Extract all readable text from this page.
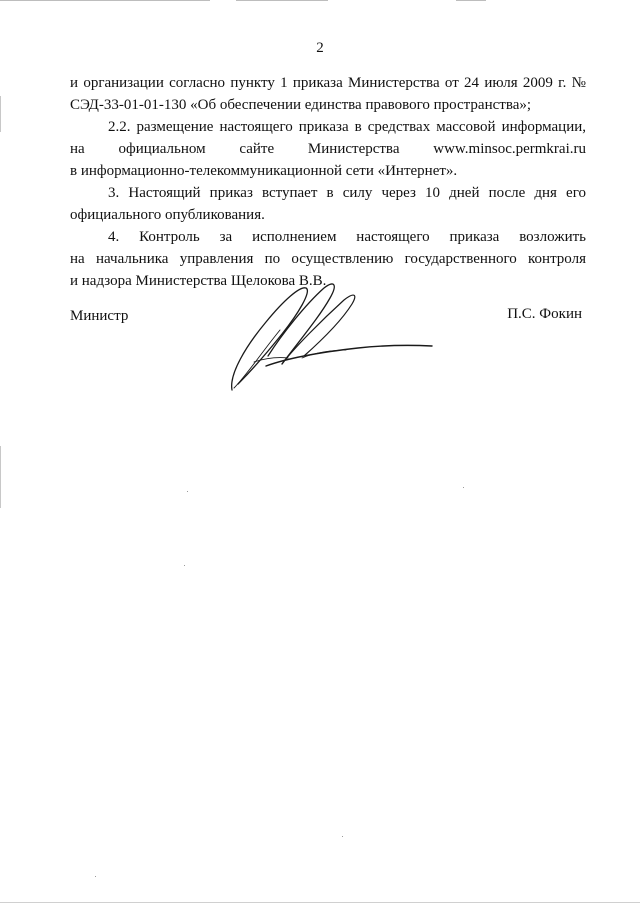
2

и организации согласно пункту 1 приказа Министерства от 24 июля 2009 г. №
СЭД-33-01-01-130 «Об обеспечении единства правового пространства»;

2.2. размещение настоящего приказа в средствах массовой информации,

на официальном сайте Министерства www.minsoc.permkrai.ru
в информационно-телекоммуникационной сети «Интернет».

3. Настоящий приказ вступает в силу через 10 дней после дня его

официального опубликования.

4. Контроль за исполнением настоящего приказа возложить

на начальника управления по осуществлению государственного контроля
и надзора Министерства Щелокова В.В.

Министр	П.С. Фокин
